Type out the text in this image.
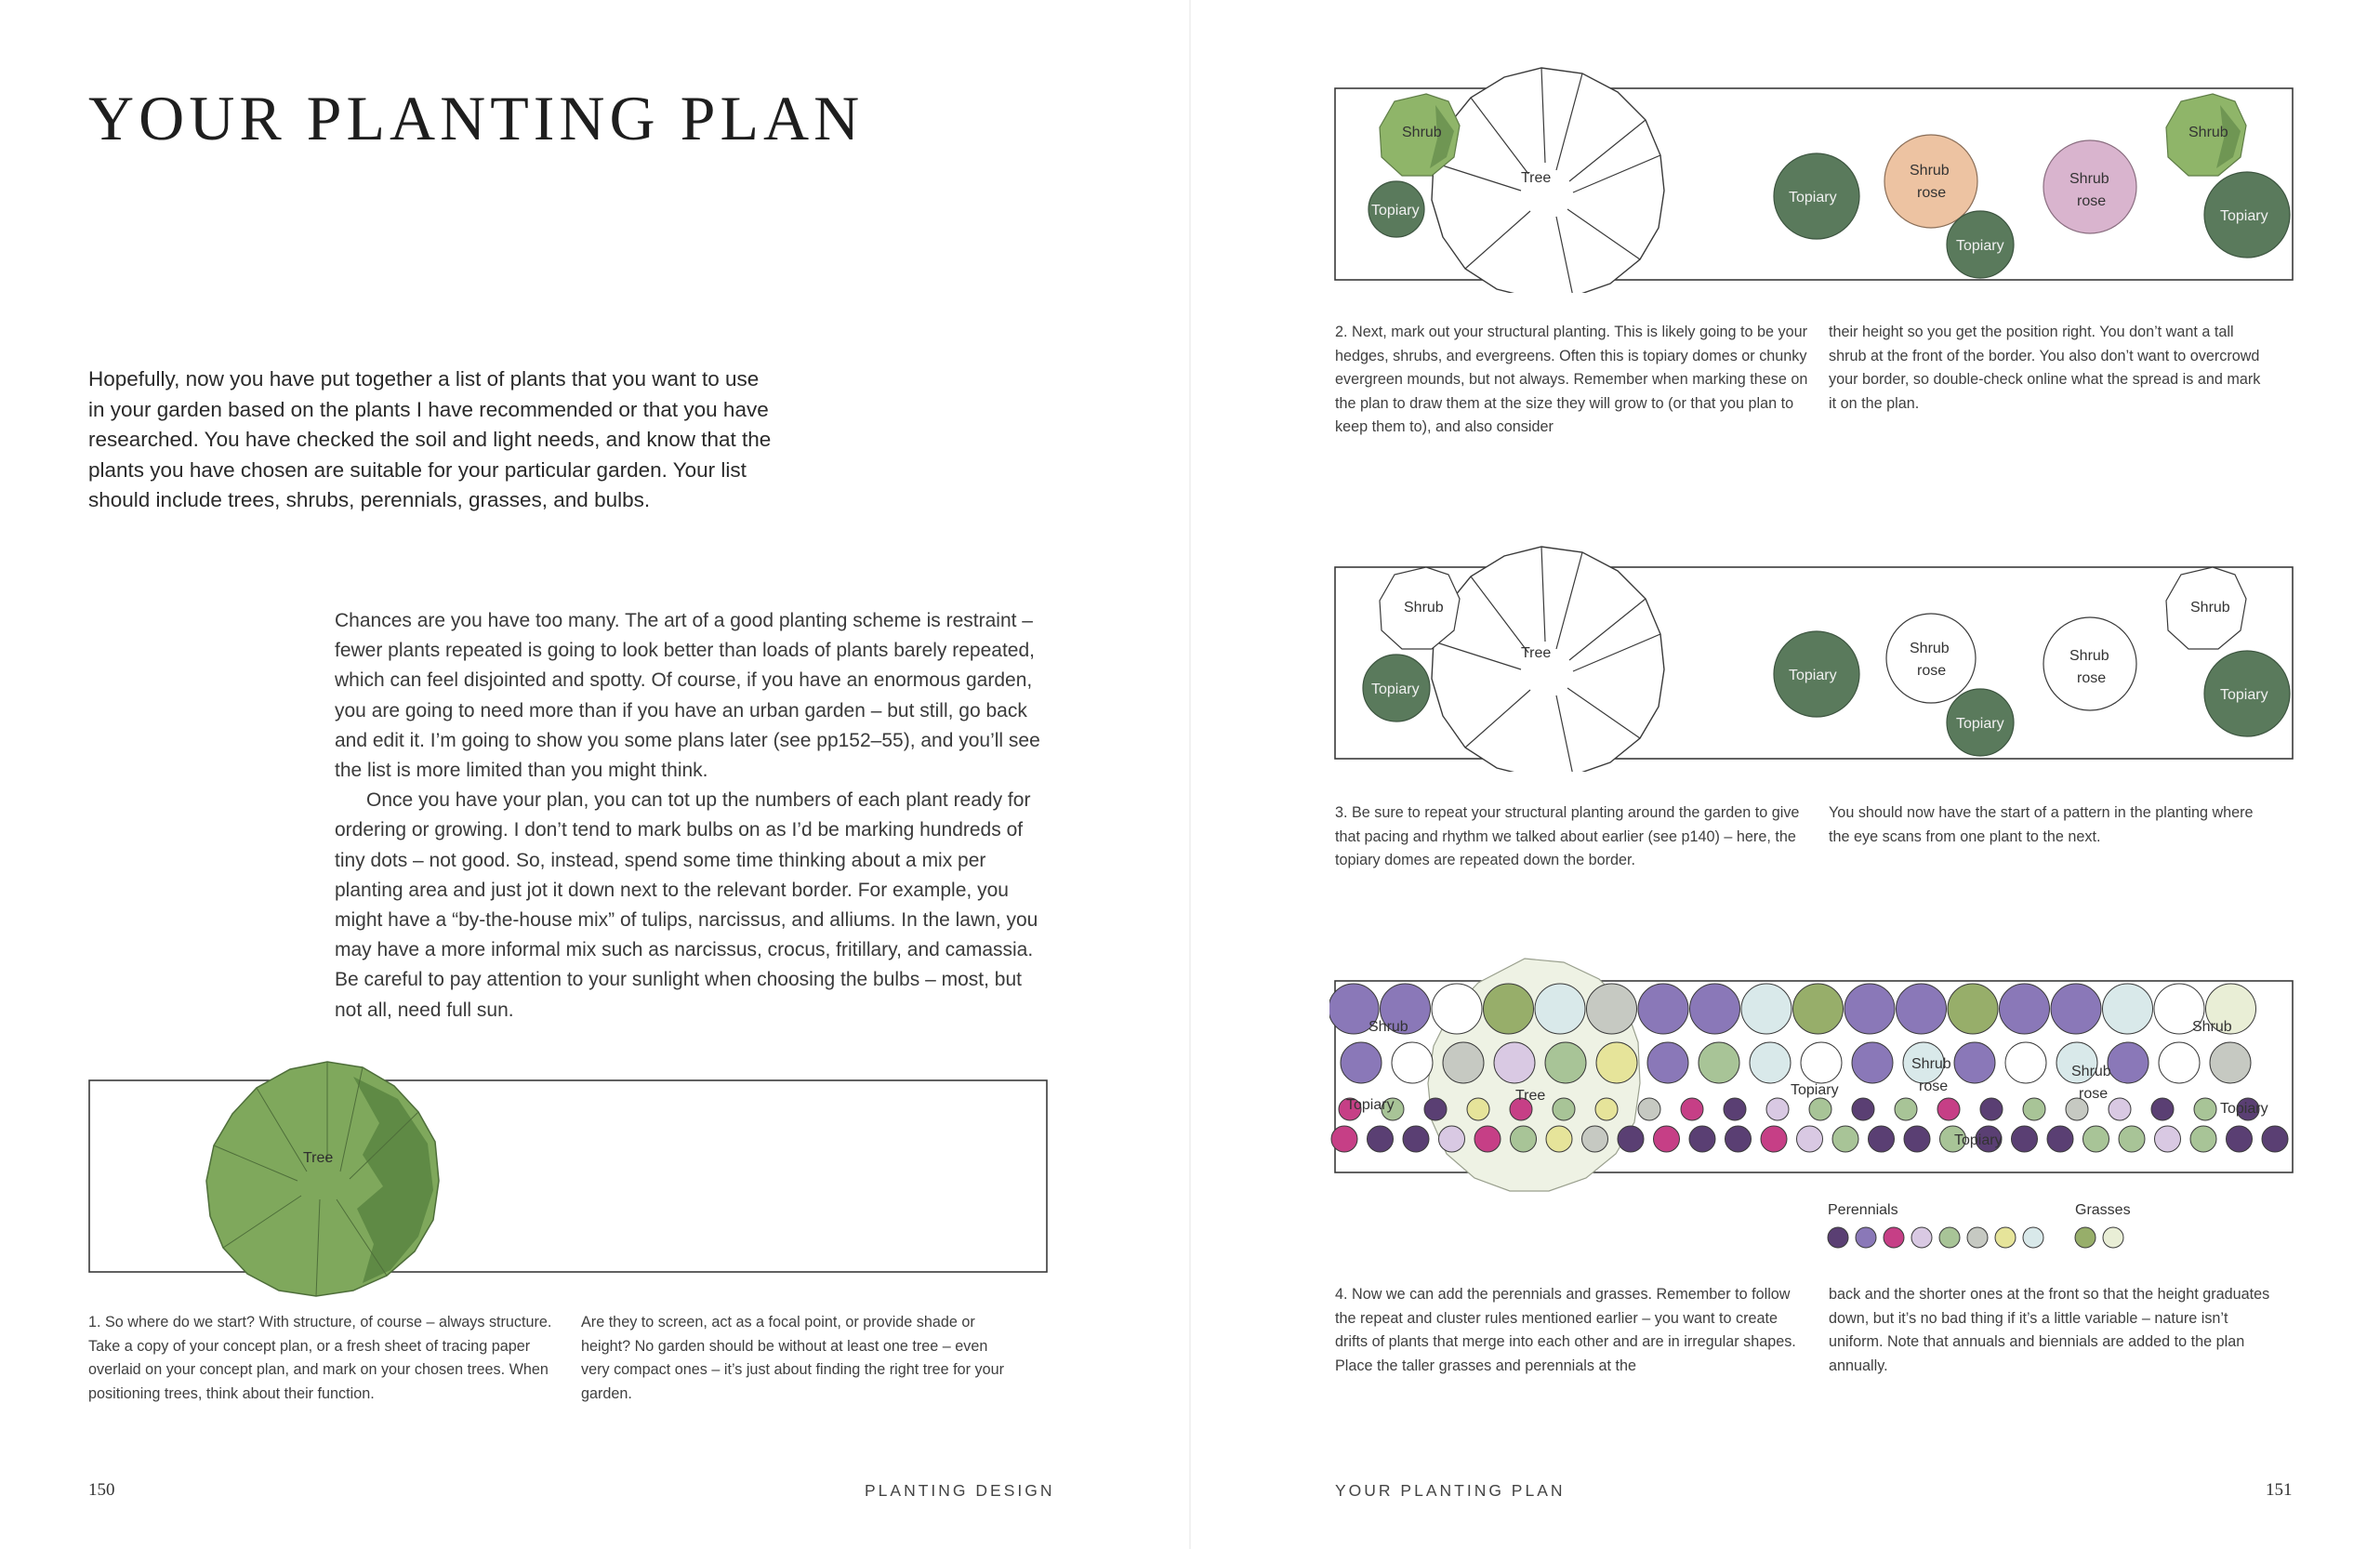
YOUR PLANTING PLAN
Hopefully, now you have put together a list of plants that you want to use in your garden based on the plants I have recommended or that you have researched. You have checked the soil and light needs, and know that the plants you have chosen are suitable for your particular garden. Your list should include trees, shrubs, perennials, grasses, and bulbs.

Chances are you have too many. The art of a good planting scheme is restraint – fewer plants repeated is going to look better than loads of plants barely repeated, which can feel disjointed and spotty. Of course, if you have an enormous garden, you are going to need more than if you have an urban garden – but still, go back and edit it. I’m going to show you some plans later (see pp152–55), and you’ll see the list is more limited than you might think.

Once you have your plan, you can tot up the numbers of each plant ready for ordering or growing. I don’t tend to mark bulbs on as I’d be marking hundreds of tiny dots – not good. So, instead, spend some time thinking about a mix per planting area and just jot it down next to the relevant border. For example, you might have a “by-the-house mix” of tulips, narcissus, and alliums. In the lawn, you may have a more informal mix such as narcissus, crocus, fritillary, and camassia. Be careful to pay attention to your sunlight when choosing the bulbs – most, but not all, need full sun.

Tree
1. So where do we start? With structure, of course – always structure. Take a copy of your concept plan, or a fresh sheet of tracing paper overlaid on your concept plan, and mark on your chosen trees. When positioning trees, think about their function.
Are they to screen, act as a focal point, or provide shade or height? No garden should be without at least one tree – even very compact ones – it’s just about finding the right tree for your garden.
150	PLANTING DESIGN
Tree
Shrub
Topiary
Topiary
Shrub
rose
Topiary
Shrub
rose
Shrub
Topiary
2. Next, mark out your structural planting. This is likely going to be your hedges, shrubs, and evergreens. Often this is topiary domes or chunky evergreen mounds, but not always. Remember when marking these on the plan to draw them at the size they will grow to (or that you plan to keep them to), and also consider
their height so you get the position right. You don’t want a tall shrub at the front of the border. You also don’t want to overcrowd your border, so double-check online what the spread is and mark it on the plan.
Tree
Shrub
Topiary
Topiary
Shrub
rose
Topiary
Shrub
rose
Shrub
Topiary
3. Be sure to repeat your structural planting around the garden to give that pacing and rhythm we talked about earlier (see p140) – here, the topiary domes are repeated down the border.
You should now have the start of a pattern in the planting where the eye scans from one plant to the next.
Shrub
Topiary
Tree	Topiary
Shrub
rose
Topiary
Shrub
rose
Shrub
Topiary
Perennials	Grasses
4. Now we can add the perennials and grasses. Remember to follow the repeat and cluster rules mentioned earlier – you want to create drifts of plants that merge into each other and are in irregular shapes. Place the taller grasses and perennials at the
back and the shorter ones at the front so that the height graduates down, but it’s no bad thing if it’s a little variable – nature isn’t uniform. Note that annuals and biennials are added to the plan annually.
YOUR PLANTING PLAN	151
